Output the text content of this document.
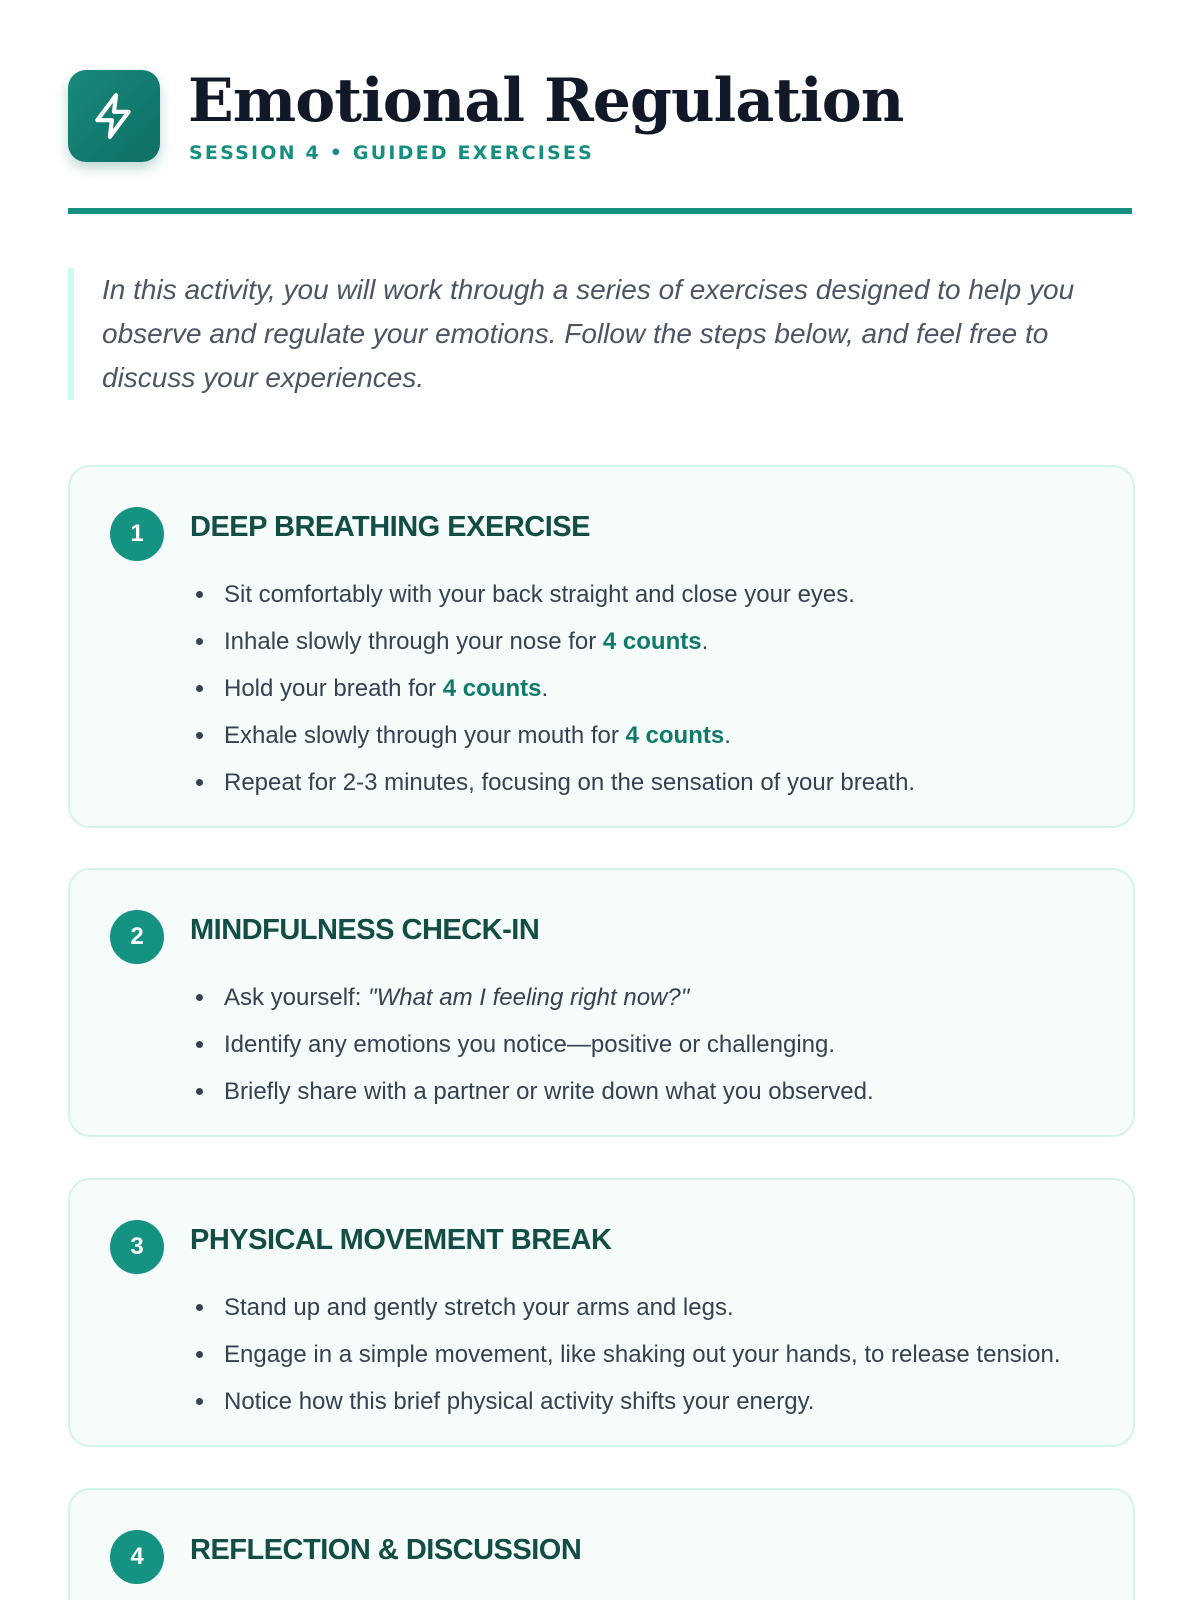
Emotional Regulation
SESSION 4 • GUIDED EXERCISES

In this activity, you will work through a series of exercises designed to help you observe and regulate your emotions. Follow the steps below, and feel free to discuss your experiences.

1	DEEP BREATHING EXERCISE
Sit comfortably with your back straight and close your eyes.
Inhale slowly through your nose for 4 counts.
Hold your breath for 4 counts.
Exhale slowly through your mouth for 4 counts.
Repeat for 2-3 minutes, focusing on the sensation of your breath.
2	MINDFULNESS CHECK-IN
Ask yourself: "What am I feeling right now?"
Identify any emotions you notice—positive or challenging.
Briefly share with a partner or write down what you observed.
3	PHYSICAL MOVEMENT BREAK
Stand up and gently stretch your arms and legs.
Engage in a simple movement, like shaking out your hands, to release tension.
Notice how this brief physical activity shifts your energy.
4	REFLECTION & DISCUSSION
